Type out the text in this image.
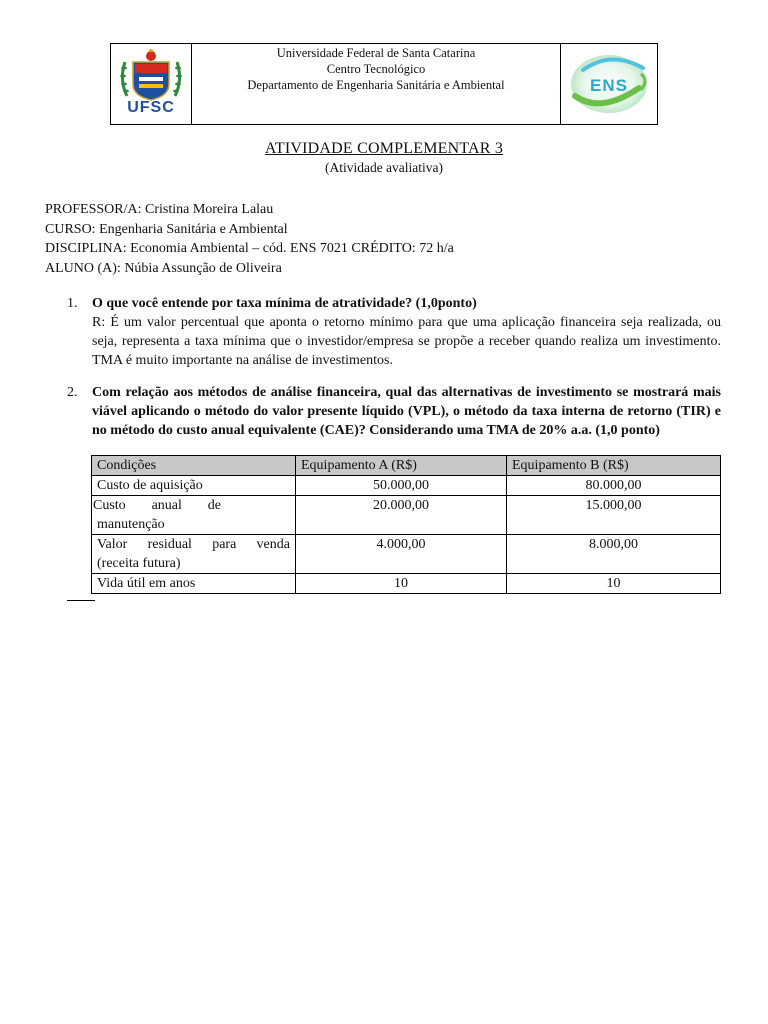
UFSC

Universidade Federal de Santa Catarina
Centro Tecnológico
Departamento de Engenharia Sanitária e Ambiental	ENS
ATIVIDADE COMPLEMENTAR 3
(Atividade avaliativa)
PROFESSOR/A: Cristina Moreira Lalau
CURSO: Engenharia Sanitária e Ambiental
DISCIPLINA: Economia Ambiental – cód. ENS 7021 CRÉDITO: 72 h/a
ALUNO (A): Núbia Assunção de Oliveira
1. O que você entende por taxa mínima de atratividade? (1,0ponto)
R: É um valor percentual que aponta o retorno mínimo para que uma aplicação financeira seja realizada, ou seja, representa a taxa mínima que o investidor/empresa se propõe a receber quando realiza um investimento. TMA é muito importante na análise de investimentos.
2. Com relação aos métodos de análise financeira, qual das alternativas de investimento se mostrará mais viável aplicando o método do valor presente líquido (VPL), o método da taxa interna de retorno (TIR) e no método do custo anual equivalente (CAE)? Considerando uma TMA de 20% a.a. (1,0 ponto)
Condições	Equipamento A (R$)	Equipamento B (R$)
Custo de aquisição	50.000,00	80.000,00

Custo anual de
manutenção	20.000,00	15.000,00

Valor residual para venda
(receita futura)	4.000,00	8.000,00
Vida útil em anos	10	10
